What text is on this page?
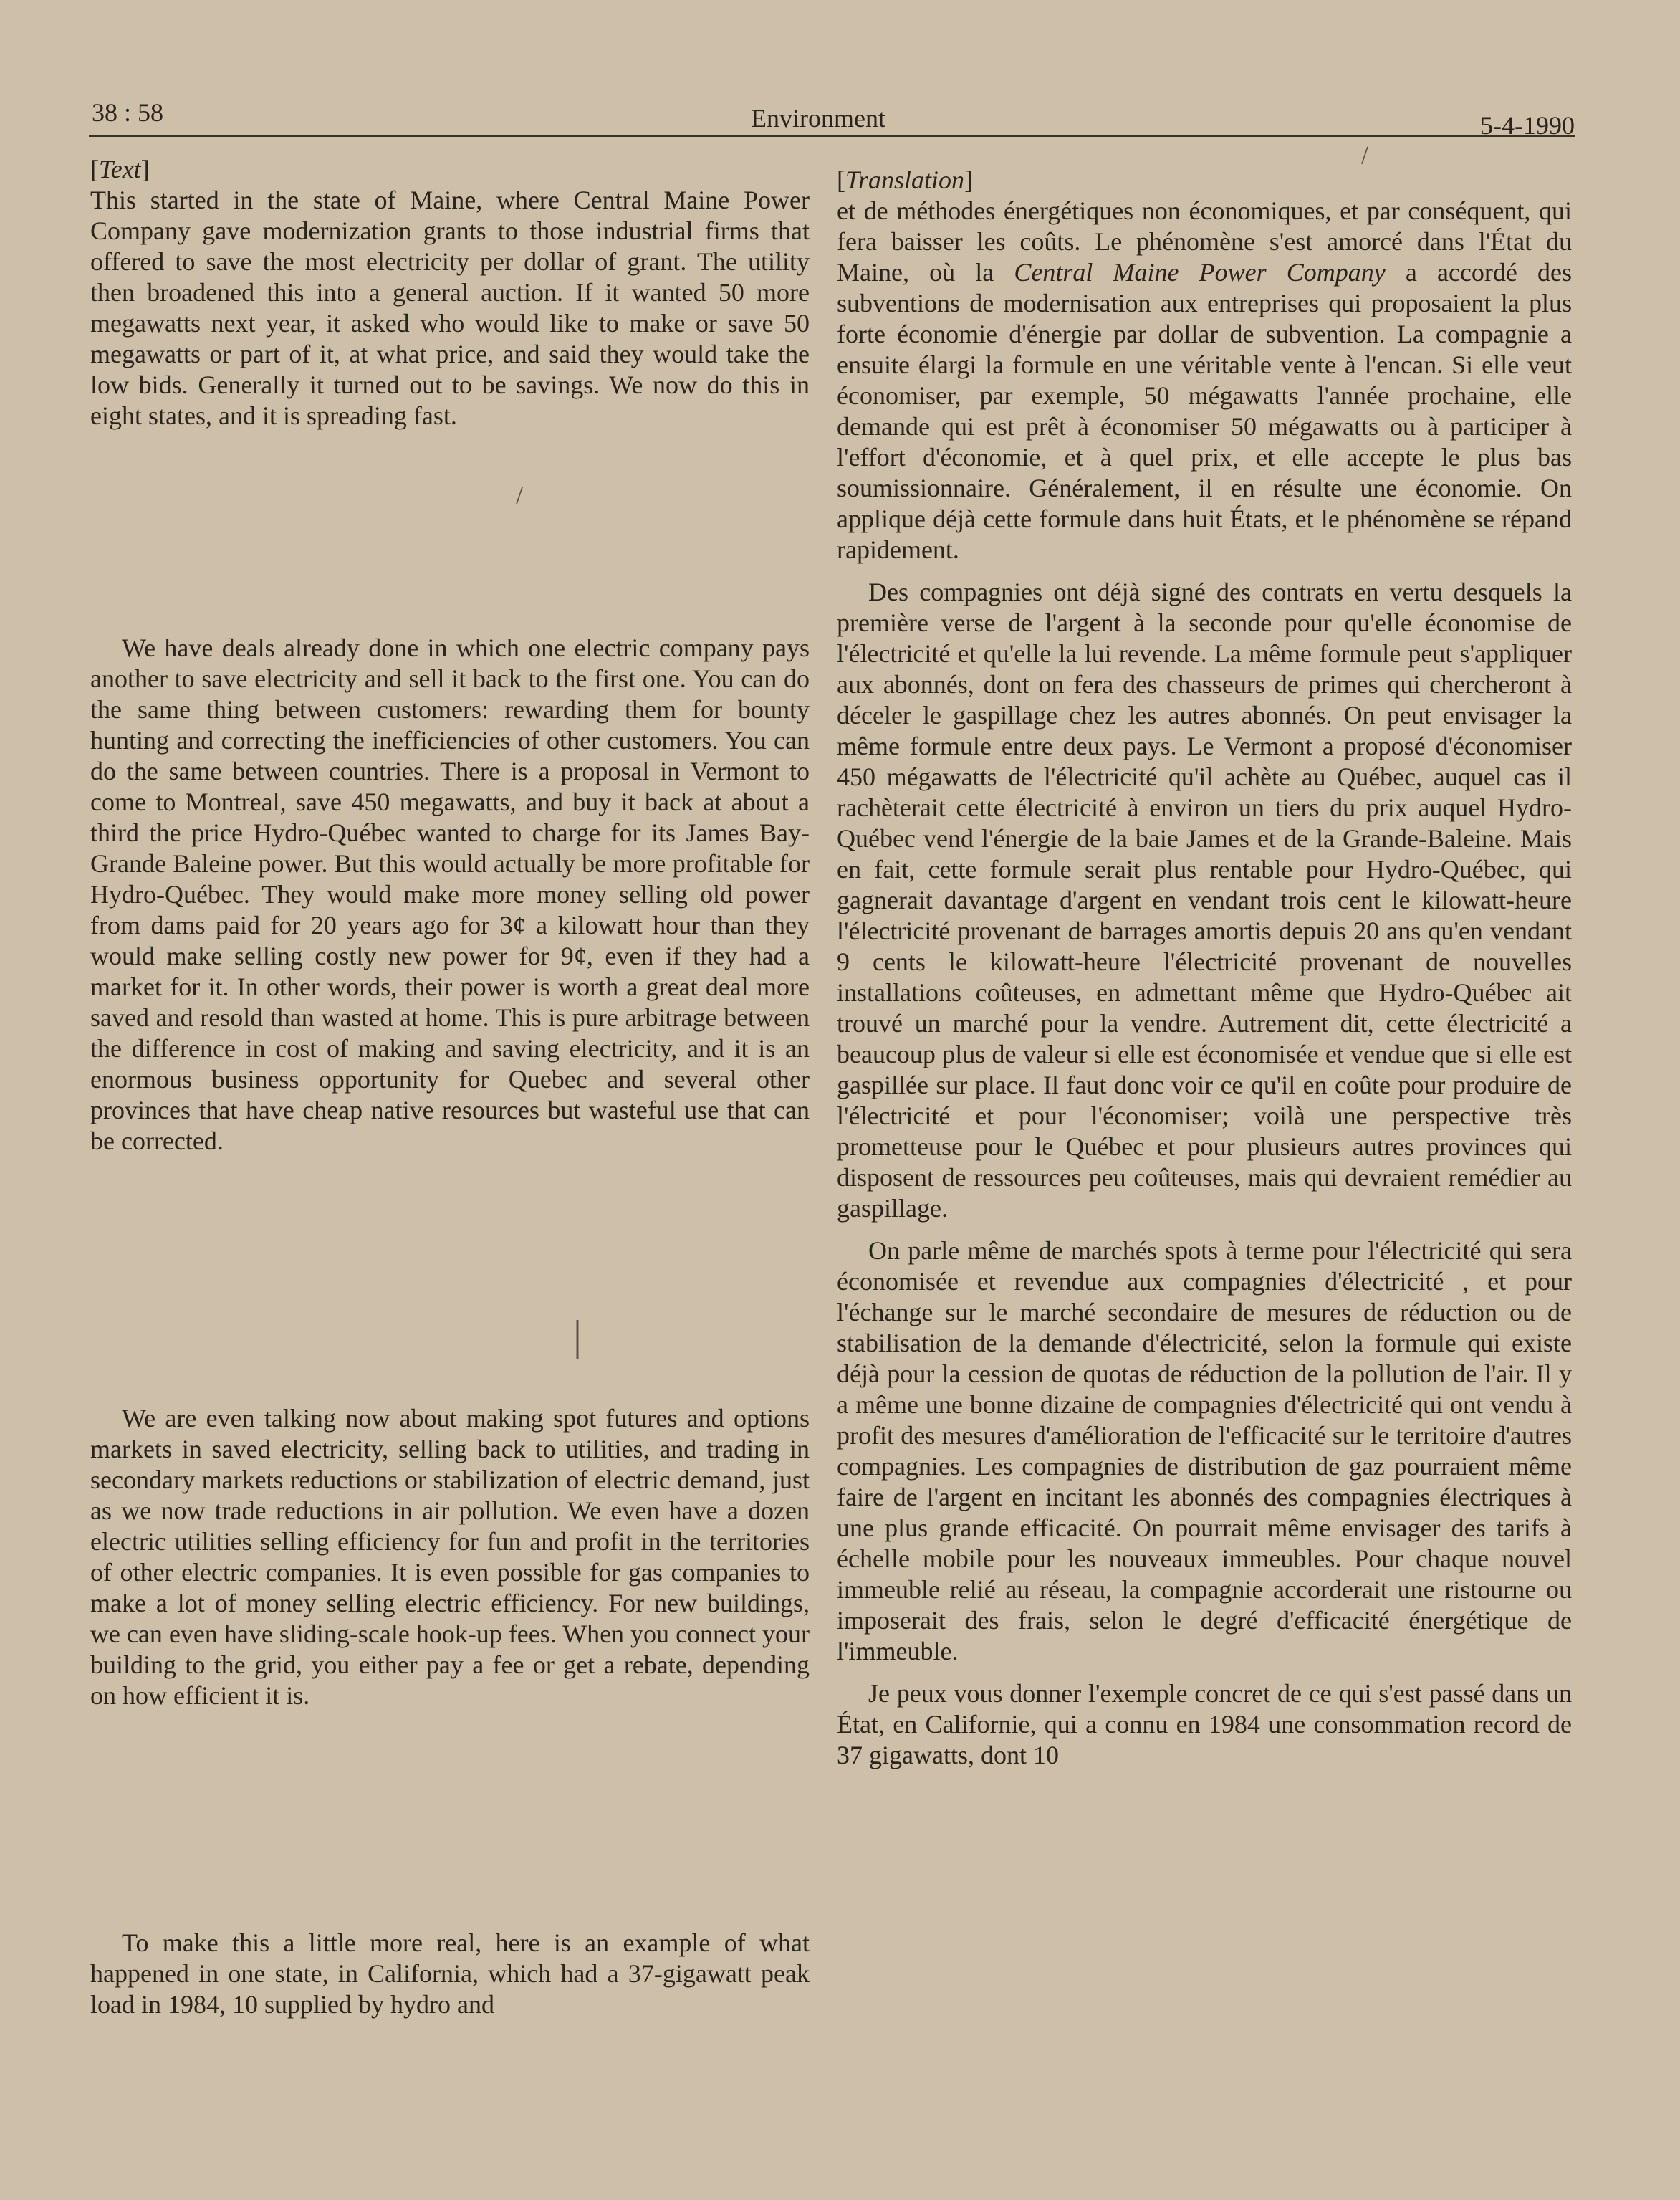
38 : 58	Environment	5-4-1990

[Text]

This started in the state of Maine, where Central Maine Power Company gave modernization grants to those industrial firms that offered to save the most electricity per dollar of grant. The utility then broadened this into a general auction. If it wanted 50 more megawatts next year, it asked who would like to make or save 50 megawatts or part of it, at what price, and said they would take the low bids. Generally it turned out to be savings. We now do this in eight states, and it is spreading fast.

We have deals already done in which one electric company pays another to save electricity and sell it back to the first one. You can do the same thing between customers: rewarding them for bounty hunting and correcting the inefficiencies of other customers. You can do the same between countries. There is a proposal in Vermont to come to Montreal, save 450 megawatts, and buy it back at about a third the price Hydro-Québec wanted to charge for its James Bay-Grande Baleine power. But this would actually be more profitable for Hydro-Québec. They would make more money selling old power from dams paid for 20 years ago for 3¢ a kilowatt hour than they would make selling costly new power for 9¢, even if they had a market for it. In other words, their power is worth a great deal more saved and resold than wasted at home. This is pure arbitrage between the difference in cost of making and saving electricity, and it is an enormous business opportunity for Quebec and several other provinces that have cheap native resources but wasteful use that can be corrected.

We are even talking now about making spot futures and options markets in saved electricity, selling back to utilities, and trading in secondary markets reductions or stabilization of electric demand, just as we now trade reductions in air pollution. We even have a dozen electric utilities selling efficiency for fun and profit in the territories of other electric companies. It is even possible for gas companies to make a lot of money selling electric efficiency. For new buildings, we can even have sliding-scale hook-up fees. When you connect your building to the grid, you either pay a fee or get a rebate, depending on how efficient it is.

To make this a little more real, here is an example of what happened in one state, in California, which had a 37-gigawatt peak load in 1984, 10 supplied by hydro and

[Translation]

et de méthodes énergétiques non économiques, et par conséquent, qui fera baisser les coûts. Le phénomène s'est amorcé dans l'État du Maine, où la Central Maine Power Company a accordé des subventions de modernisation aux entreprises qui proposaient la plus forte économie d'énergie par dollar de subvention. La compagnie a ensuite élargi la formule en une véritable vente à l'encan. Si elle veut économiser, par exemple, 50 mégawatts l'année prochaine, elle demande qui est prêt à économiser 50 mégawatts ou à participer à l'effort d'économie, et à quel prix, et elle accepte le plus bas soumissionnaire. Généralement, il en résulte une économie. On applique déjà cette formule dans huit États, et le phénomène se répand rapidement.

Des compagnies ont déjà signé des contrats en vertu desquels la première verse de l'argent à la seconde pour qu'elle économise de l'électricité et qu'elle la lui revende. La même formule peut s'appliquer aux abonnés, dont on fera des chasseurs de primes qui chercheront à déceler le gaspillage chez les autres abonnés. On peut envisager la même formule entre deux pays. Le Vermont a proposé d'économiser 450 mégawatts de l'électricité qu'il achète au Québec, auquel cas il rachèterait cette électricité à environ un tiers du prix auquel Hydro-Québec vend l'énergie de la baie James et de la Grande-Baleine. Mais en fait, cette formule serait plus rentable pour Hydro-Québec, qui gagnerait davantage d'argent en vendant trois cent le kilowatt-heure l'électricité provenant de barrages amortis depuis 20 ans qu'en vendant 9 cents le kilowatt-heure l'électricité provenant de nouvelles installations coûteuses, en admettant même que Hydro-Québec ait trouvé un marché pour la vendre. Autrement dit, cette électricité a beaucoup plus de valeur si elle est économisée et vendue que si elle est gaspillée sur place. Il faut donc voir ce qu'il en coûte pour produire de l'électricité et pour l'économiser; voilà une perspective très prometteuse pour le Québec et pour plusieurs autres provinces qui disposent de ressources peu coûteuses, mais qui devraient remédier au gaspillage.

On parle même de marchés spots à terme pour l'électricité qui sera économisée et revendue aux compagnies d'électricité , et pour l'échange sur le marché secondaire de mesures de réduction ou de stabilisation de la demande d'électricité, selon la formule qui existe déjà pour la cession de quotas de réduction de la pollution de l'air. Il y a même une bonne dizaine de compagnies d'électricité qui ont vendu à profit des mesures d'amélioration de l'efficacité sur le territoire d'autres compagnies. Les compagnies de distribution de gaz pourraient même faire de l'argent en incitant les abonnés des compagnies électriques à une plus grande efficacité. On pourrait même envisager des tarifs à échelle mobile pour les nouveaux immeubles. Pour chaque nouvel immeuble relié au réseau, la compagnie accorderait une ristourne ou imposerait des frais, selon le degré d'efficacité énergétique de l'immeuble.

Je peux vous donner l'exemple concret de ce qui s'est passé dans un État, en Californie, qui a connu en 1984 une consommation record de 37 gigawatts, dont 10

/
|
/
